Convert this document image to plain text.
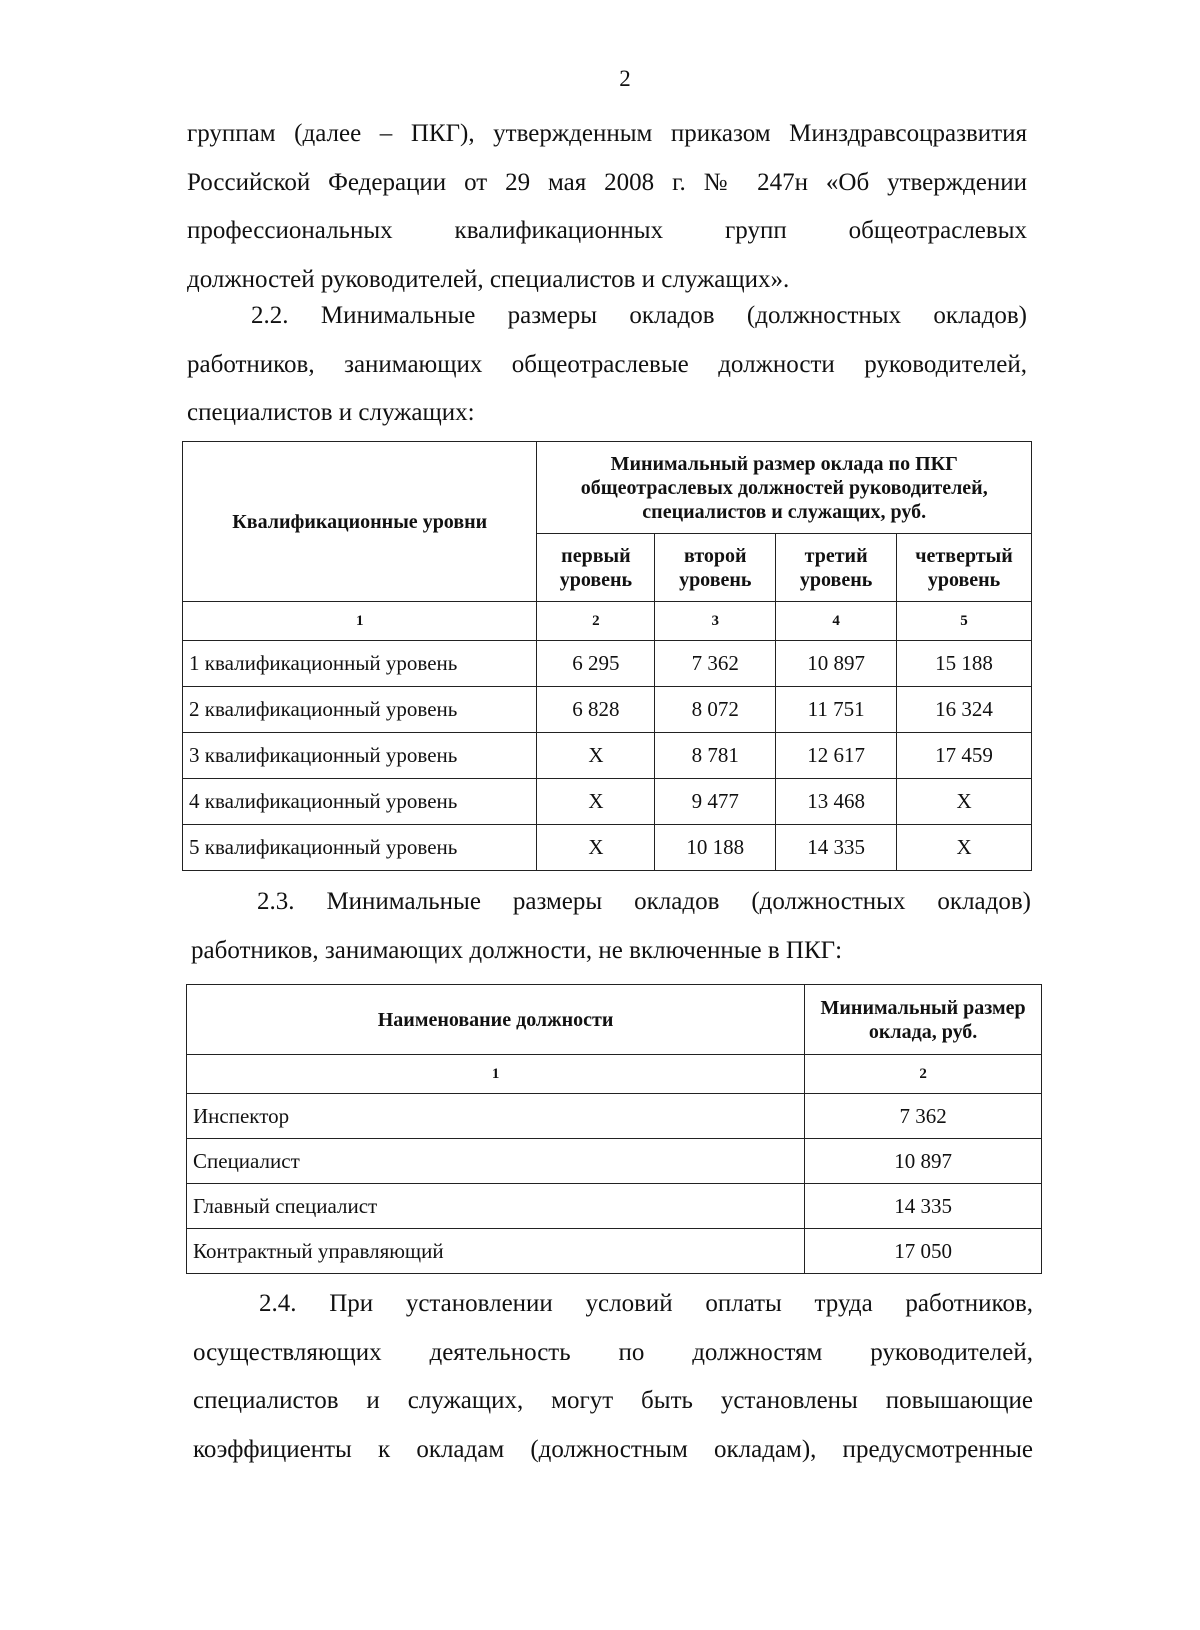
2
группам (далее – ПКГ), утвержденным приказом Минздравсоцразвития
Российской Федерации от 29 мая 2008 г. № 247н «Об утверждении
профессиональных квалификационных групп общеотраслевых
должностей руководителей, специалистов и служащих».
2.2. Минимальные размеры окладов (должностных окладов)
работников, занимающих общеотраслевые должности руководителей,
специалистов и служащих:
Квалификационные уровни	Минимальный размер оклада по ПКГ общеотраслевых должностей руководителей, специалистов и служащих, руб.			
	первый уровень	второй уровень	третий уровень	четвертый уровень
1	2	3	4	5
1 квалификационный уровень	6 295	7 362	10 897	15 188
2 квалификационный уровень	6 828	8 072	11 751	16 324
3 квалификационный уровень	X	8 781	12 617	17 459
4 квалификационный уровень	X	9 477	13 468	X
5 квалификационный уровень	X	10 188	14 335	X
2.3. Минимальные размеры окладов (должностных окладов)
работников, занимающих должности, не включенные в ПКГ:
Наименование должности	Минимальный размер оклада, руб.
1	2
Инспектор	7 362
Специалист	10 897
Главный специалист	14 335
Контрактный управляющий	17 050
2.4. При установлении условий оплаты труда работников,
осуществляющих деятельность по должностям руководителей,
специалистов и служащих, могут быть установлены повышающие
коэффициенты к окладам (должностным окладам), предусмотренные
